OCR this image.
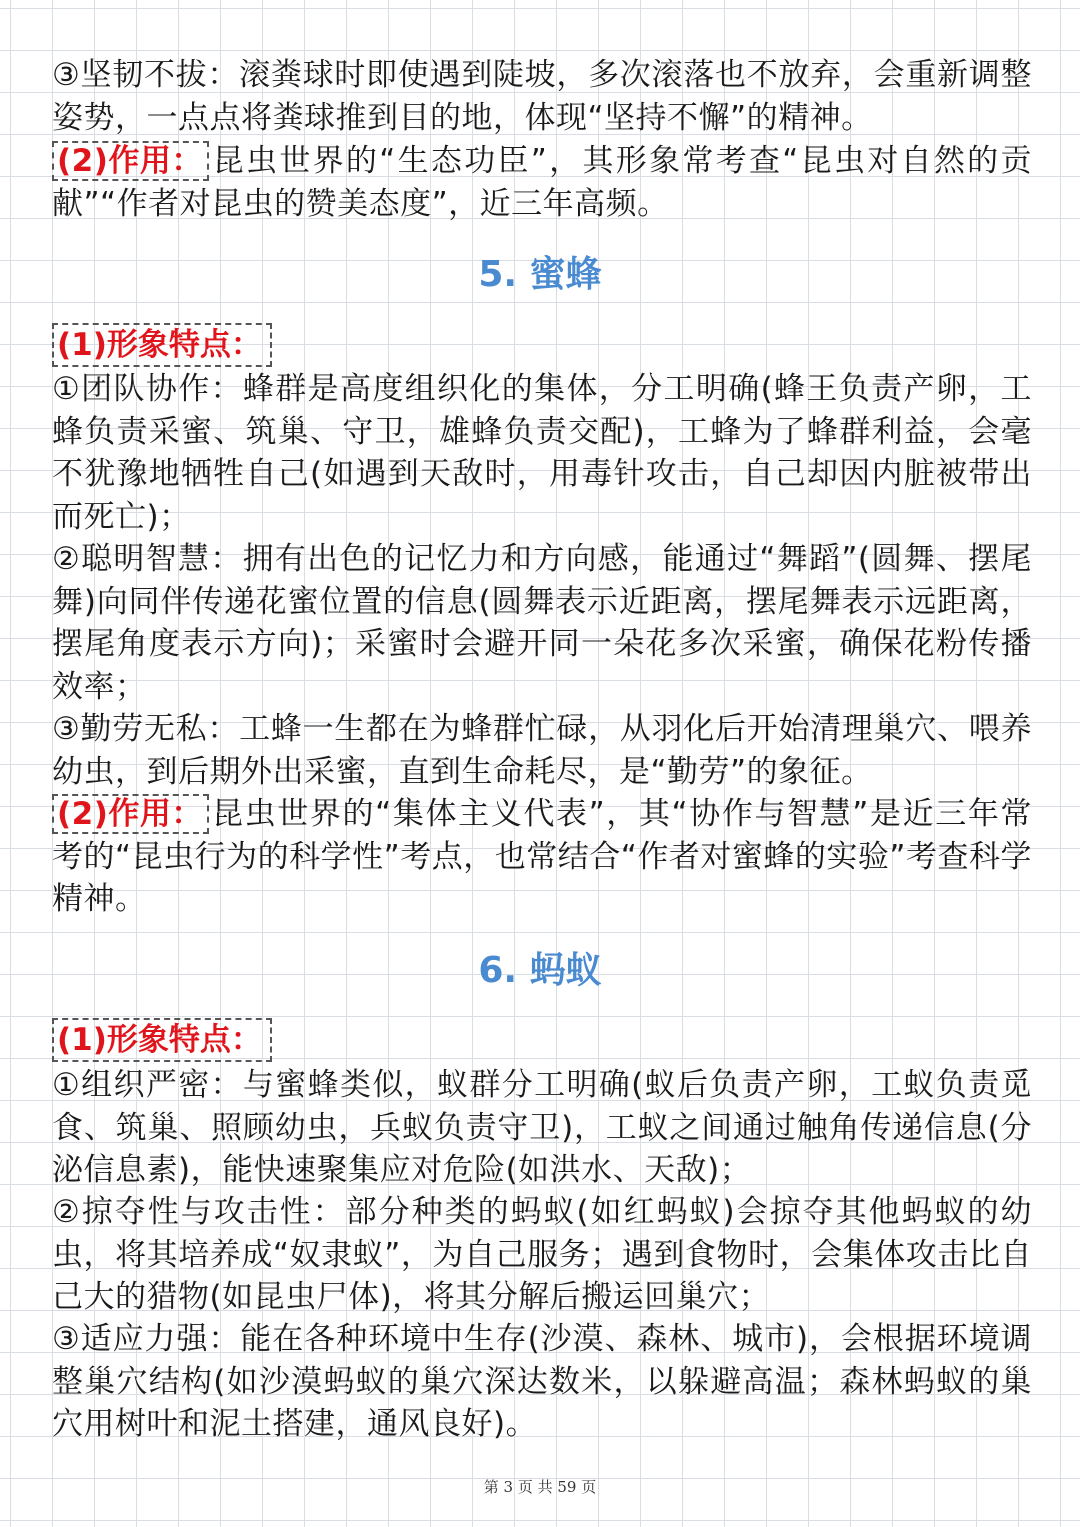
③坚韧不拔：滚粪球时即使遇到陡坡，多次滚落也不放弃，会重新调整姿势，一点点将粪球推到目的地，体现“坚持不懈”的精神。

(2)作用： 昆虫世界的“生态功臣”，其形象常考查“昆虫对自然的贡献”“作者对昆虫的赞美态度”，近三年高频。

5. 蜜蜂
(1)形象特点：

①团队协作：蜂群是高度组织化的集体，分工明确(蜂王负责产卵，工蜂负责采蜜、筑巢、守卫，雄蜂负责交配)，工蜂为了蜂群利益，会毫不犹豫地牺牲自己(如遇到天敌时，用毒针攻击，自己却因内脏被带出而死亡)；

②聪明智慧：拥有出色的记忆力和方向感，能通过“舞蹈”(圆舞、摆尾舞)向同伴传递花蜜位置的信息(圆舞表示近距离，摆尾舞表示远距离，摆尾角度表示方向)；采蜜时会避开同一朵花多次采蜜，确保花粉传播效率；

③勤劳无私：工蜂一生都在为蜂群忙碌，从羽化后开始清理巢穴、喂养幼虫，到后期外出采蜜，直到生命耗尽，是“勤劳”的象征。

(2)作用： 昆虫世界的“集体主义代表”，其“协作与智慧”是近三年常考的“昆虫行为的科学性”考点，也常结合“作者对蜜蜂的实验”考查科学精神。

6. 蚂蚁
(1)形象特点：

①组织严密：与蜜蜂类似，蚁群分工明确(蚁后负责产卵，工蚁负责觅食、筑巢、照顾幼虫，兵蚁负责守卫)，工蚁之间通过触角传递信息(分泌信息素)，能快速聚集应对危险(如洪水、天敌)；

②掠夺性与攻击性：部分种类的蚂蚁(如红蚂蚁)会掠夺其他蚂蚁的幼虫，将其培养成“奴隶蚁”，为自己服务；遇到食物时，会集体攻击比自己大的猎物(如昆虫尸体)，将其分解后搬运回巢穴；

③适应力强：能在各种环境中生存(沙漠、森林、城市)，会根据环境调整巢穴结构(如沙漠蚂蚁的巢穴深达数米，以躲避高温；森林蚂蚁的巢穴用树叶和泥土搭建，通风良好)。

第 3 页 共 59 页
